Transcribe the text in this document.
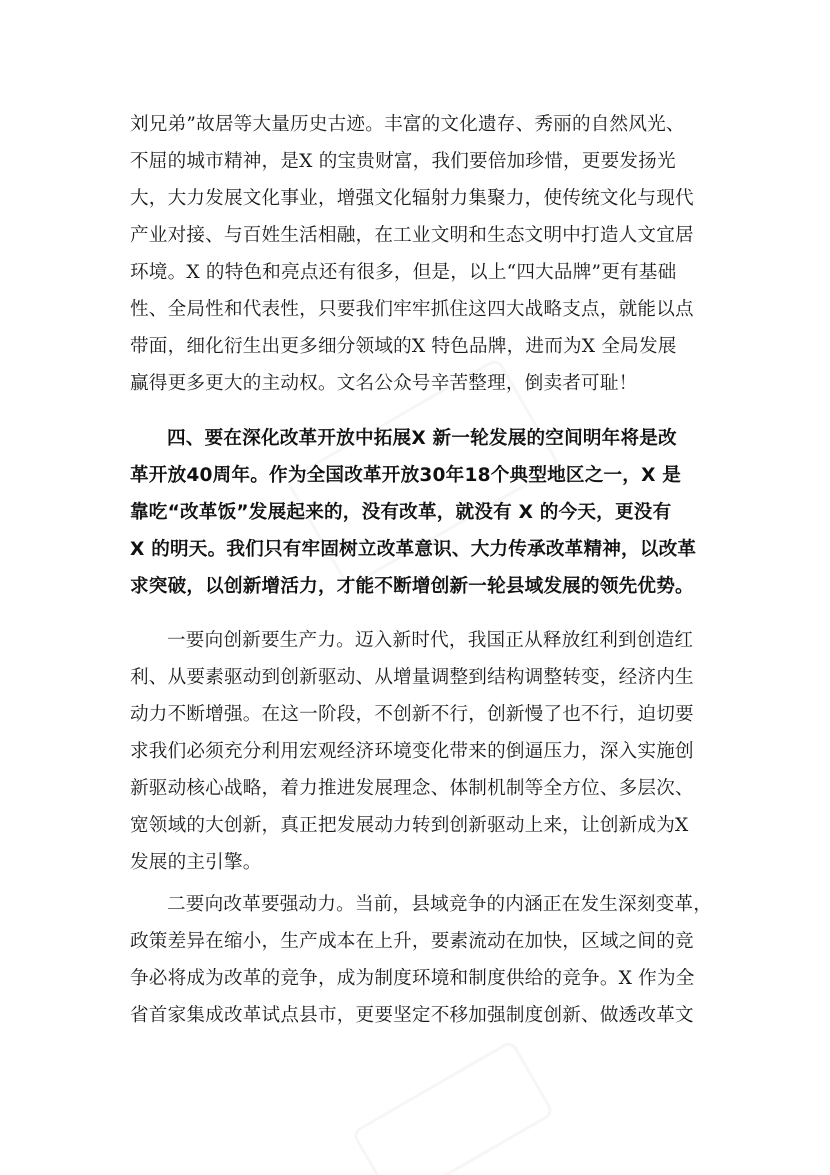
刘兄弟”故居等大量历史古迹。丰富的文化遗存、秀丽的自然风光、
不屈的城市精神，是X 的宝贵财富，我们要倍加珍惜，更要发扬光
大，大力发展文化事业，增强文化辐射力集聚力，使传统文化与现代
产业对接、与百姓生活相融，在工业文明和生态文明中打造人文宜居
环境。X 的特色和亮点还有很多，但是，以上“四大品牌”更有基础
性、全局性和代表性，只要我们牢牢抓住这四大战略支点，就能以点
带面，细化衍生出更多细分领域的X 特色品牌，进而为X 全局发展
赢得更多更大的主动权。文名公众号辛苦整理，倒卖者可耻！
四、要在深化改革开放中拓展X 新一轮发展的空间明年将是改
革开放40周年。作为全国改革开放30年18个典型地区之一，X 是
靠吃“改革饭”发展起来的，没有改革，就没有 X 的今天，更没有
X 的明天。我们只有牢固树立改革意识、大力传承改革精神，以改革
求突破，以创新增活力，才能不断增创新一轮县域发展的领先优势。
一要向创新要生产力。迈入新时代，我国正从释放红利到创造红
利、从要素驱动到创新驱动、从增量调整到结构调整转变，经济内生
动力不断增强。在这一阶段，不创新不行，创新慢了也不行，迫切要
求我们必须充分利用宏观经济环境变化带来的倒逼压力，深入实施创
新驱动核心战略，着力推进发展理念、体制机制等全方位、多层次、
宽领域的大创新，真正把发展动力转到创新驱动上来，让创新成为X
发展的主引擎。
二要向改革要强动力。当前，县域竞争的内涵正在发生深刻变革，
政策差异在缩小，生产成本在上升，要素流动在加快，区域之间的竞
争必将成为改革的竞争，成为制度环境和制度供给的竞争。X 作为全
省首家集成改革试点县市，更要坚定不移加强制度创新、做透改革文
